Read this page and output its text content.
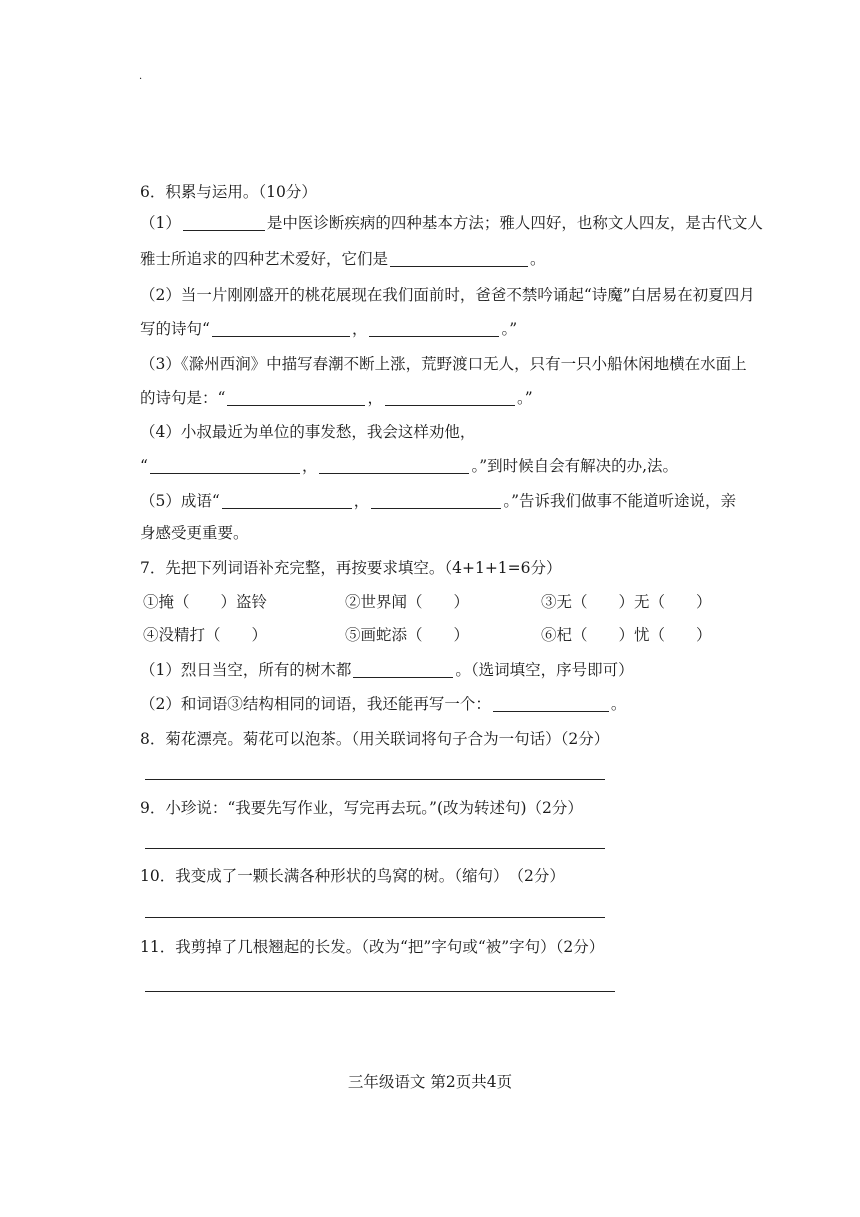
·
6．积累与运用。（10分）
（1）	是中医诊断疾病的四种基本方法；雅人四好，也称文人四友，是古代文人
雅士所追求的四种艺术爱好，它们是	。
（2）当一片刚刚盛开的桃花展现在我们面前时，爸爸不禁吟诵起“诗魔”白居易在初夏四月
写的诗句“	，	。”
（3）《滁州西涧》中描写春潮不断上涨，荒野渡口无人，只有一只小船休闲地横在水面上
的诗句是：“	，	。”
（4）小叔最近为单位的事发愁，我会这样劝他，
“	，	。”到时候自会有解决的办,法。
（5）成语“	，	。”告诉我们做事不能道听途说，亲
身感受更重要。
7．先把下列词语补充完整，再按要求填空。（4+1+1=6分）
①掩（　　）盗铃	②世界闻（　　）	③无（　　）无（　　）
④没精打（　　）	⑤画蛇添（　　）	⑥杞（　　）忧（　　）
（1）烈日当空，所有的树木都	。（选词填空，序号即可）
（2）和词语③结构相同的词语，我还能再写一个：	。
8．菊花漂亮。菊花可以泡茶。（用关联词将句子合为一句话）（2分）
9．小珍说：“我要先写作业，写完再去玩。”(改为转述句)（2分）
10．我变成了一颗长满各种形状的鸟窝的树。（缩句）　（2分）
11．我剪掉了几根翘起的长发。（改为“把”字句或“被”字句）（2分）
三年级语文 第2页共4页
